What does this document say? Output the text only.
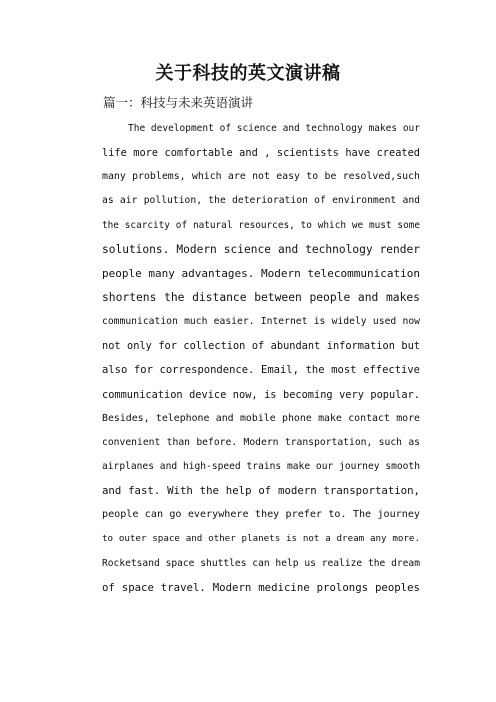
关于科技的英文演讲稿

篇一：科技与未来英语演讲

The development of science and technology makes our
life more comfortable and , scientists have created
many problems, which are not easy to be resolved,such
as air pollution, the deterioration of environment and
the scarcity of natural resources, to which we must some
solutions. Modern science and technology render
people many advantages. Modern telecommunication
shortens the distance between people and makes
communication much easier. Internet is widely used now
not only for collection of abundant information but
also for correspondence. Email, the most effective
communication device now, is becoming very popular.
Besides, telephone and mobile phone make contact more
convenient than before. Modern transportation, such as
airplanes and high-speed trains make our journey smooth
and fast. With the help of modern transportation,
people can go everywhere they prefer to. The journey
to outer space and other planets is not a dream any more.
Rocketsand space shuttles can help us realize the dream
of space travel. Modern medicine prolongs peoples
